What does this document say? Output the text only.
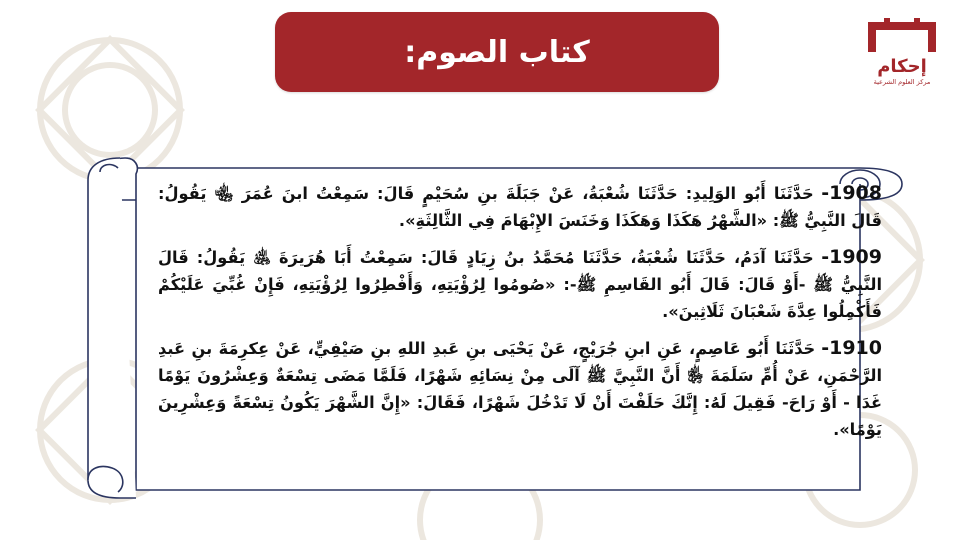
كتاب الصوم:	إحكام
مركز العلوم الشرعية

1908- حَدَّثَنَا أَبُو الوَلِيدِ: حَدَّثَنَا شُعْبَةُ، عَنْ جَبَلَةَ بنِ سُحَيْمٍ قَالَ: سَمِعْتُ ابنَ عُمَرَ ﵄ يَقُولُ: قَالَ النَّبِيُّ ﷺ: «الشَّهْرُ هَكَذَا وَهَكَذَا وَخَنَسَ الإِبْهَامَ فِي الثَّالِثَةِ».

1909- حَدَّثَنَا آدَمُ، حَدَّثَنَا شُعْبَةُ، حَدَّثَنَا مُحَمَّدُ بنُ زِيَادٍ قَالَ: سَمِعْتُ أَبَا هُرَيرَةَ ﵁ يَقُولُ: قَالَ النَّبِيُّ ﷺ -أَوْ قَالَ: قَالَ أَبُو القَاسِمِ ﷺ-: «صُومُوا لِرُؤْيَتِهِ، وَأَفْطِرُوا لِرُؤْيَتِهِ، فَإِنْ غُبِّيَ عَلَيْكُمْ فَأَكْمِلُوا عِدَّةَ شَعْبَانَ ثَلَاثِينَ».

1910- حَدَّثَنَا أَبُو عَاصِمٍ، عَنِ ابنِ جُرَيْجٍ، عَنْ يَحْيَى بنِ عَبدِ اللهِ بنِ صَيْفِيٍّ، عَنْ عِكرِمَةَ بنِ عَبدِ الرَّحْمَنِ، عَنْ أُمِّ سَلَمَةَ ﵂ أَنَّ النَّبِيَّ ﷺ آلَى مِنْ نِسَائِهِ شَهْرًا، فَلَمَّا مَضَى تِسْعَةٌ وَعِشْرُونَ يَوْمًا غَدَا - أَوْ رَاحَ- فَقِيلَ لَهُ: إِنَّكَ حَلَفْتَ أَنْ لَا تَدْخُلَ شَهْرًا، فَقَالَ: «إِنَّ الشَّهْرَ يَكُونُ تِسْعَةً وَعِشْرِينَ يَوْمًا».
